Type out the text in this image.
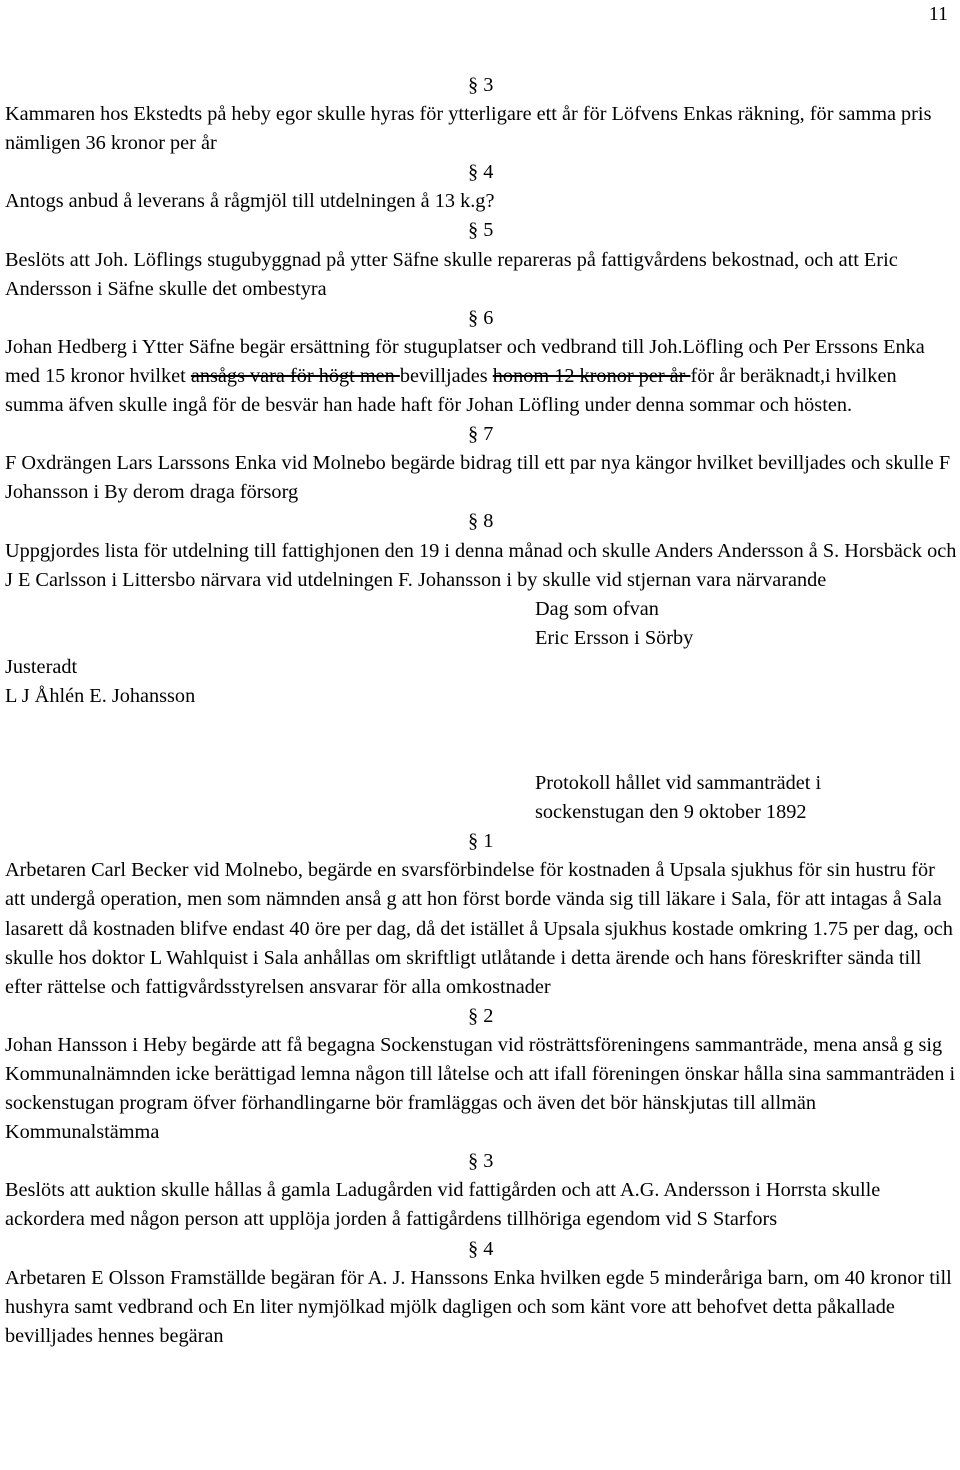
11
§ 3

Kammaren hos Ekstedts på heby egor skulle hyras för ytterligare ett år för Löfvens Enkas räkning, för samma pris nämligen 36 kronor per år

§ 4

Antogs anbud å leverans å rågmjöl till utdelningen å 13 k.g?

§ 5

Beslöts att Joh. Löflings stugubyggnad på ytter Säfne skulle repareras på fattigvårdens bekostnad, och att Eric Andersson i Säfne skulle det ombestyra

§ 6

Johan Hedberg i Ytter Säfne begär ersättning för stuguplatser och vedbrand till Joh.Löfling och Per Erssons Enka med 15 kronor hvilket ansågs vara för högt men bevilljades honom 12 kronor per år för år beräknadt,i hvilken summa äfven skulle ingå för de besvär han hade haft för Johan Löfling under denna sommar och hösten.

§ 7

F Oxdrängen Lars Larssons Enka vid Molnebo begärde bidrag till ett par nya kängor hvilket bevilljades och skulle F Johansson i By derom draga försorg

§ 8

Uppgjordes lista för utdelning till fattighjonen den 19 i denna månad och skulle Anders Andersson å S. Horsbäck och J E Carlsson i Littersbo närvara vid utdelningen F. Johansson i by skulle vid stjernan vara närvarande

Dag som ofvan
Eric Ersson i Sörby
Justeradt
L J Åhlén E. Johansson
Protokoll hållet vid sammanträdet i
sockenstugan den 9 oktober 1892
§ 1

Arbetaren Carl Becker vid Molnebo, begärde en svarsförbindelse för kostnaden å Upsala sjukhus för sin hustru för att undergå operation, men som nämnden anså g att hon först borde vända sig till läkare i Sala, för att intagas å Sala lasarett då kostnaden blifve endast 40 öre per dag, då det istället å Upsala sjukhus kostade omkring 1.75 per dag, och skulle hos doktor L Wahlquist i Sala anhållas om skriftligt utlåtande i detta ärende och hans föreskrifter sända till efter rättelse och fattigvårdsstyrelsen ansvarar för alla omkostnader

§ 2

Johan Hansson i Heby begärde att få begagna Sockenstugan vid rösträttsföreningens sammanträde, mena anså g sig Kommunalnämnden icke berättigad lemna någon till låtelse och att ifall föreningen önskar hålla sina sammanträden i sockenstugan program öfver förhandlingarne bör framläggas och även det bör hänskjutas till allmän Kommunalstämma

§ 3

Beslöts att auktion skulle hållas å gamla Ladugården vid fattigården och att A.G. Andersson i Horrsta skulle ackordera med någon person att upplöja jorden å fattigårdens tillhöriga egendom vid S Starfors

§ 4

Arbetaren E Olsson Framställde begäran för A. J. Hanssons Enka hvilken egde 5 minderåriga barn, om 40 kronor till hushyra samt vedbrand och En liter nymjölkad mjölk dagligen och som känt vore att behofvet detta påkallade bevilljades hennes begäran
